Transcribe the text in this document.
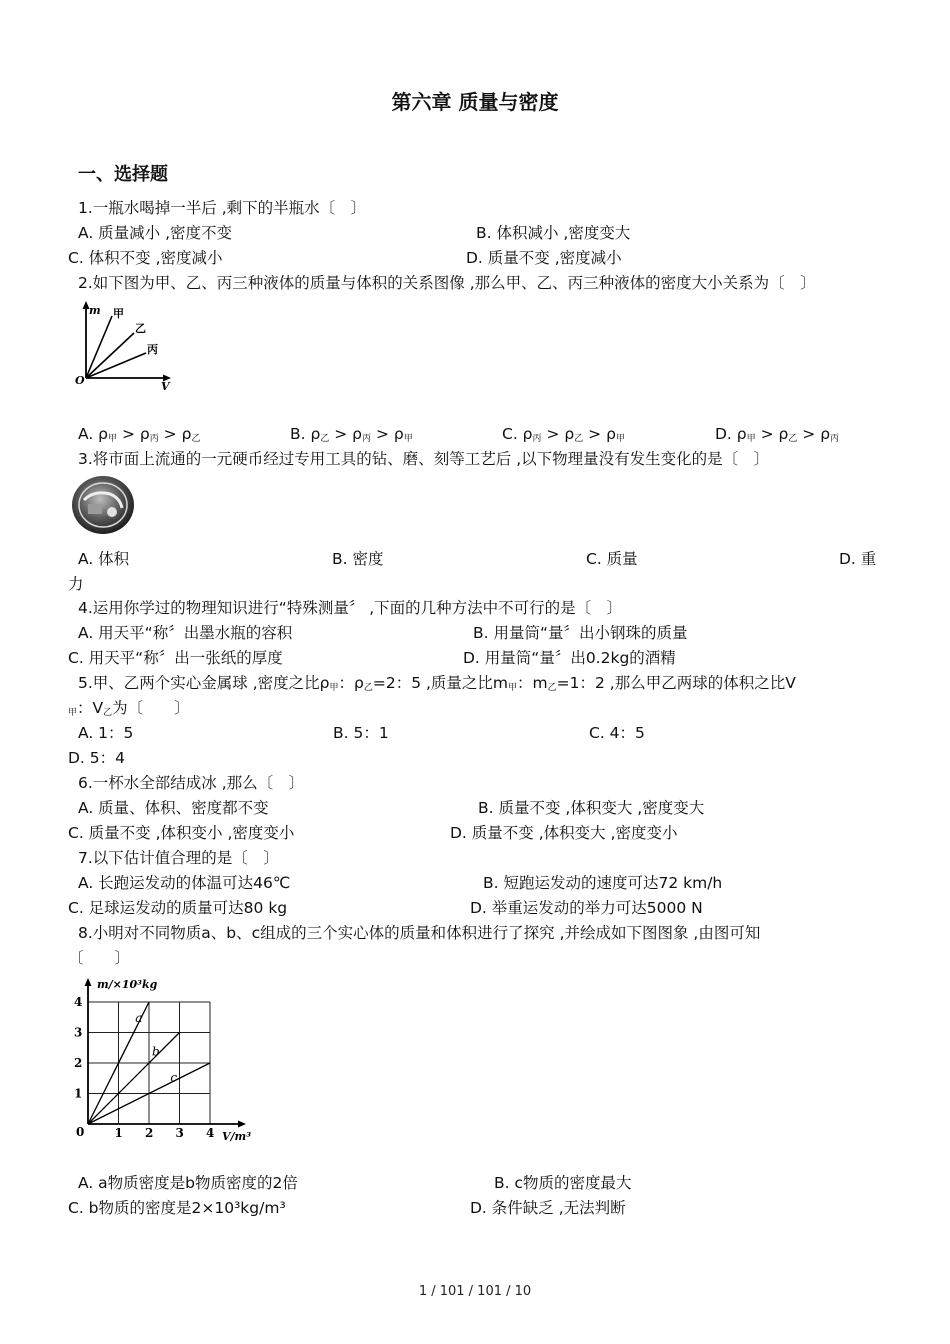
第六章 质量与密度
一、选择题
1.一瓶水喝掉一半后 ,剩下的半瓶水〔　〕
A. 质量减小 ,密度不变	B. 体积减小 ,密度变大
C. 体积不变 ,密度减小	D. 质量不变 ,密度减小
2.如下图为甲、乙、丙三种液体的质量与体积的关系图像 ,那么甲、乙、丙三种液体的密度大小关系为〔　〕
m 甲
乙
丙
O	V
A. $\rho_甲 > \rho_丙 > \rho_乙$	B. $\rho_乙 > \rho_丙 > \rho_甲$	C. $\rho_丙 > \rho_乙 > \rho_甲$	D. $\rho_甲 > \rho_乙 > \rho_丙$
3.将市面上流通的一元硬币经过专用工具的钻、磨、刻等工艺后 ,以下物理量没有发生变化的是〔　〕
A. 体积	B. 密度	C. 质量	D. 重
力
4.运用你学过的物理知识进行“特殊测量〞 ,下面的几种方法中不可行的是〔　〕
A. 用天平“称〞出墨水瓶的容积	B. 用量筒“量〞出小钢珠的质量
C. 用天平“称〞出一张纸的厚度	D. 用量筒“量〞出0.2kg的酒精
5.甲、乙两个实心金属球 ,密度之比$\rho_甲$：$\rho_乙=2$：5 ,质量之比$m_甲$：$m_乙=1$：2 ,那么甲乙两球的体积之比V
$_甲$：$V_乙$为〔　　〕
A. 1：5	B. 5：1	C. 4：5
D. 5：4
6.一杯水全部结成冰 ,那么〔　〕
A. 质量、体积、密度都不变	B. 质量不变 ,体积变大 ,密度变大
C. 质量不变 ,体积变小 ,密度变小	D. 质量不变 ,体积变大 ,密度变小
7.以下估计值合理的是〔　〕
A. 长跑运发动的体温可达46℃	B. 短跑运发动的速度可达72 km/h
C. 足球运发动的质量可达80 kg	D. 举重运发动的举力可达5000 N
8.小明对不同物质a、b、c组成的三个实心体的质量和体积进行了探究 ,并绘成如下图图象 ,由图可知
〔　　〕
a
b
c
1 2 3 4
1
2
3
4
m/×10³kg
0	V/m³
A. a物质密度是b物质密度的2倍	B. c物质的密度最大
C. b物质的密度是2×10³kg/m³	D. 条件缺乏 ,无法判断
1 / 101 / 101 / 10
